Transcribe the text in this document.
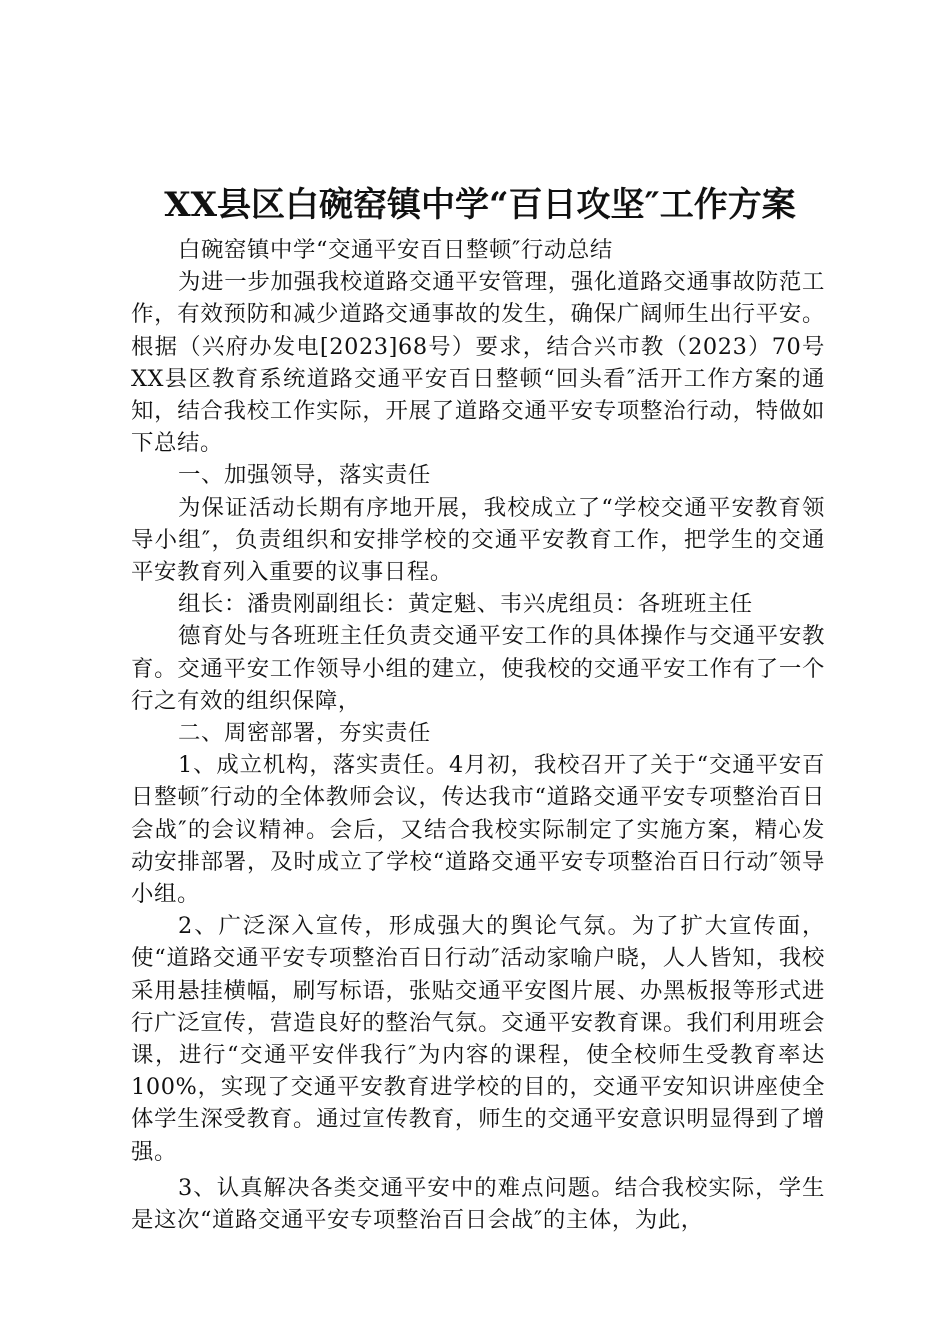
XX县区白碗窑镇中学“百日攻坚″工作方案

白碗窑镇中学“交通平安百日整顿″行动总结

为进一步加强我校道路交通平安管理，强化道路交通事故防范工作，有效预防和减少道路交通事故的发生，确保广阔师生出行平安。根据（兴府办发电[2023]68号）要求，结合兴市教（2023）70号XX县区教育系统道路交通平安百日整顿“回头看″活开工作方案的通知，结合我校工作实际，开展了道路交通平安专项整治行动，特做如下总结。

一、加强领导，落实责任

为保证活动长期有序地开展，我校成立了“学校交通平安教育领导小组″，负责组织和安排学校的交通平安教育工作，把学生的交通平安教育列入重要的议事日程。

组长：潘贵刚副组长：黄定魁、韦兴虎组员：各班班主任

德育处与各班班主任负责交通平安工作的具体操作与交通平安教育。交通平安工作领导小组的建立，使我校的交通平安工作有了一个行之有效的组织保障，

二、周密部署，夯实责任

1、成立机构，落实责任。4月初，我校召开了关于“交通平安百日整顿″行动的全体教师会议，传达我市“道路交通平安专项整治百日会战″的会议精神。会后，又结合我校实际制定了实施方案，精心发动安排部署，及时成立了学校“道路交通平安专项整治百日行动″领导小组。

2、广泛深入宣传，形成强大的舆论气氛。为了扩大宣传面，使“道路交通平安专项整治百日行动″活动家喻户晓，人人皆知，我校采用悬挂横幅，刷写标语，张贴交通平安图片展、办黑板报等形式进行广泛宣传，营造良好的整治气氛。交通平安教育课。我们利用班会课，进行“交通平安伴我行″为内容的课程，使全校师生受教育率达100%，实现了交通平安教育进学校的目的，交通平安知识讲座使全体学生深受教育。通过宣传教育，师生的交通平安意识明显得到了增强。

3、认真解决各类交通平安中的难点问题。结合我校实际，学生是这次“道路交通平安专项整治百日会战″的主体，为此，
